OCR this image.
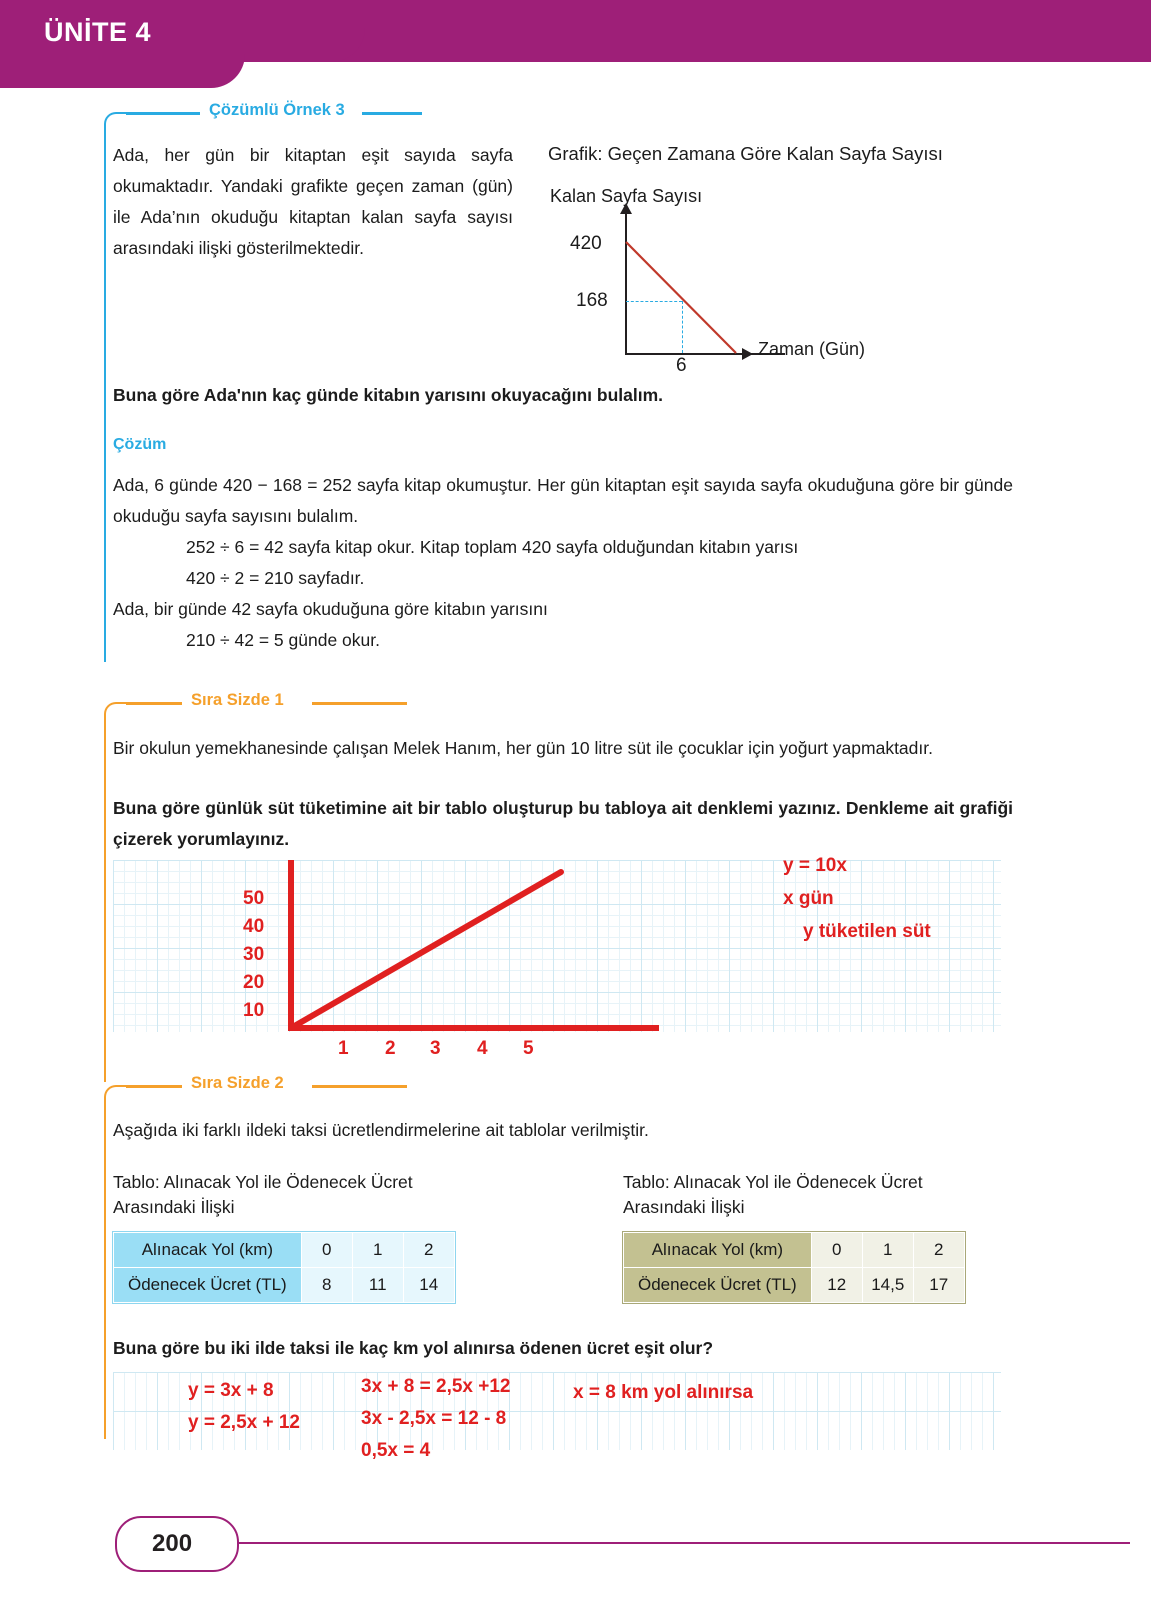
ÜNİTE 4
Çözümlü Örnek 3
Ada, her gün bir kitaptan eşit sayıda sayfa okumaktadır. Yandaki grafikte geçen zaman (gün) ile Ada’nın okuduğu kitaptan kalan sayfa sayısı arasındaki ilişki gösterilmektedir.
Grafik: Geçen Zamana Göre Kalan Sayfa Sayısı
Kalan Sayfa Sayısı
420
168
6
Zaman (Gün)
Buna göre Ada'nın kaç günde kitabın yarısını okuyacağını bulalım.
Çözüm
Ada, 6 günde 420 − 168 = 252 sayfa kitap okumuştur. Her gün kitaptan eşit sayıda sayfa okuduğuna göre bir günde okuduğu sayfa sayısını bulalım.
252 ÷ 6 = 42 sayfa kitap okur. Kitap toplam 420 sayfa olduğundan kitabın yarısı
420 ÷ 2 = 210 sayfadır.
Ada, bir günde 42 sayfa okuduğuna göre kitabın yarısını
210 ÷ 42 = 5 günde okur.
Sıra Sizde 1
Bir okulun yemekhanesinde çalışan Melek Hanım, her gün 10 litre süt ile çocuklar için yoğurt yapmaktadır.
Buna göre günlük süt tüketimine ait bir tablo oluşturup bu tabloya ait denklemi yazınız. Denkleme ait grafiği çizerek yorumlayınız.
50
40
30
20
10
y = 10x
x gün
y tüketilen süt
1 2 3 4 5
Sıra Sizde 2
Aşağıda iki farklı ildeki taksi ücretlendirmelerine ait tablolar verilmiştir.
Tablo: Alınacak Yol ile Ödenecek Ücret Arasındaki İlişki
Tablo: Alınacak Yol ile Ödenecek Ücret Arasındaki İlişki
Alınacak Yol (km)	0	1	2
Ödenecek Ücret (TL)	8	11	14
Alınacak Yol (km)	0	1	2
Ödenecek Ücret (TL)	12	14,5	17
Buna göre bu iki ilde taksi ile kaç km yol alınırsa ödenen ücret eşit olur?
y = 3x + 8
y = 2,5x + 12
3x + 8 = 2,5x +12
3x - 2,5x = 12 - 8
0,5x = 4
x = 8 km yol alınırsa
200
